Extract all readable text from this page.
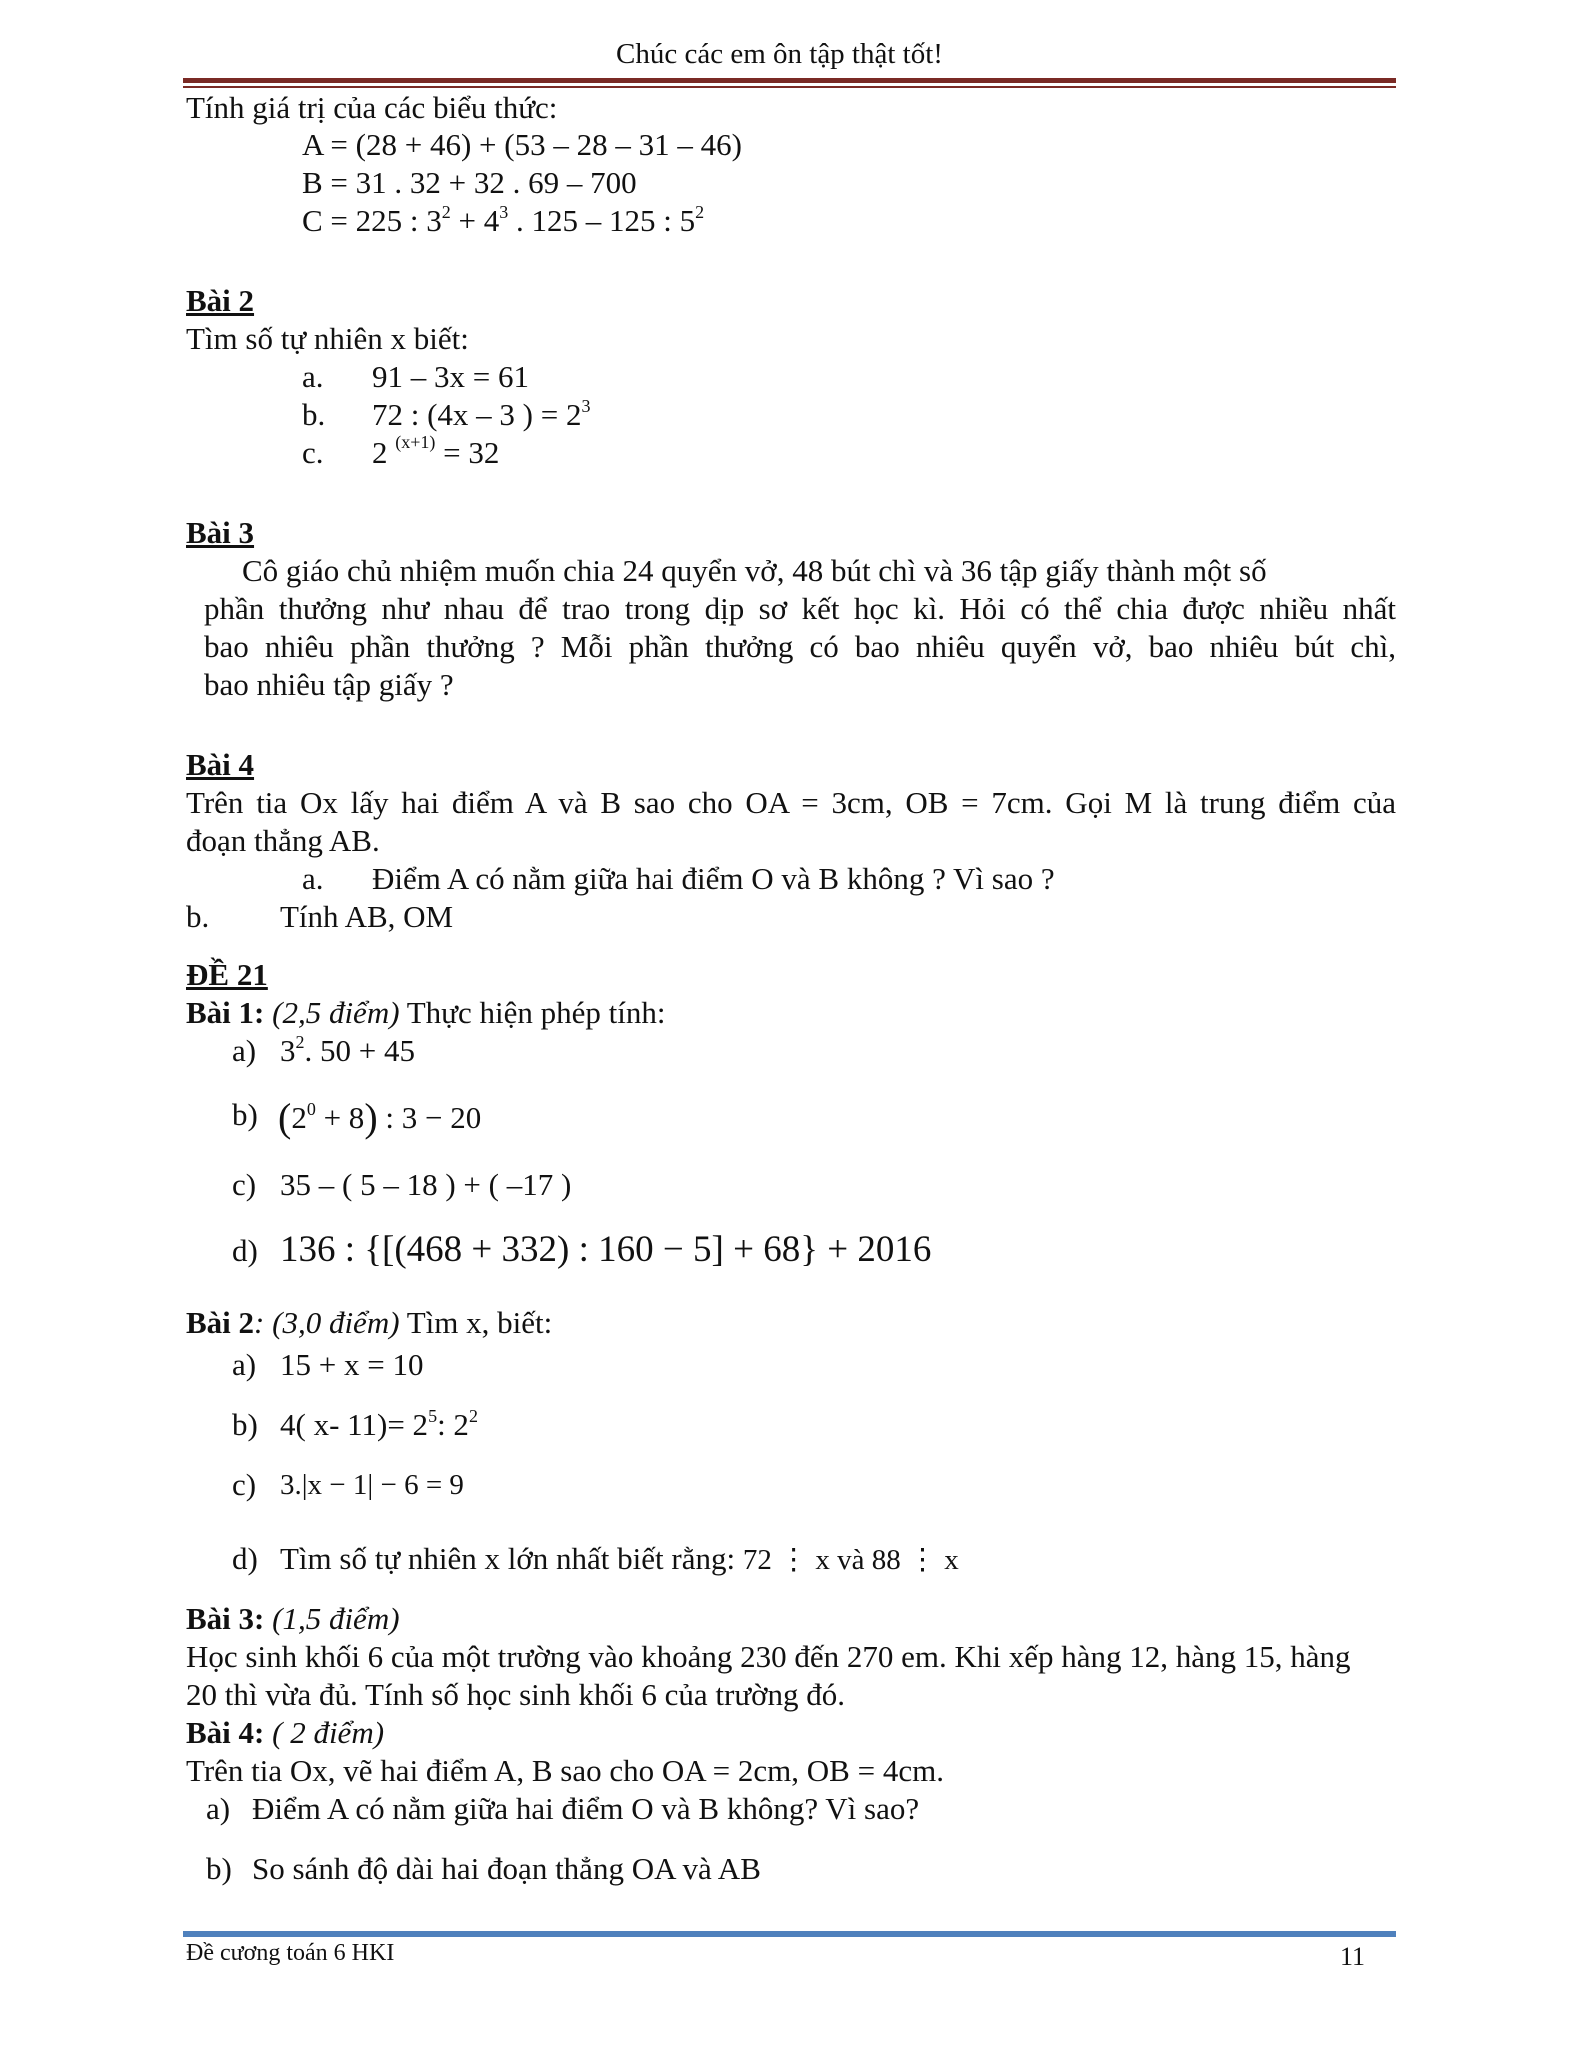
Chúc các em ôn tập thật tốt!
Tính giá trị của các biểu thức:
A = (28 + 46) + (53 – 28 – 31 – 46)
B = 31 . 32 + 32 . 69 – 700
C = 225 : $3^2 + 4^3$ . 125 – 125 : $5^2$
Bài 2
Tìm số tự nhiên x biết:
a. 91 – 3x = 61
b. 72 : (4x – 3 ) = $2^3$
c. 2 $^{(x+1)}$ = 32
Bài 3
Cô giáo chủ nhiệm muốn chia 24 quyển vở, 48 bút chì và 36 tập giấy thành một số
phần thưởng như nhau để trao trong dịp sơ kết học kì. Hỏi có thể chia được nhiều nhất
bao nhiêu phần thưởng ? Mỗi phần thưởng có bao nhiêu quyển vở, bao nhiêu bút chì,
bao nhiêu tập giấy ?
Bài 4
Trên tia Ox lấy hai điểm A và B sao cho OA = 3cm, OB = 7cm. Gọi M là trung điểm của
đoạn thẳng AB.
a. Điểm A có nằm giữa hai điểm O và B không ? Vì sao ?
b. Tính AB, OM
ĐỀ 21
Bài 1: (2,5 điểm) Thực hiện phép tính:
a) $3^2$. 50 + 45
b) $(2^0 + 8)$ : 3 − 20
c) 35 – ( 5 – 18 ) + ( –17 )
d) 136 : {[(468 + 332) : 160 − 5] + 68} + 2016
Bài 2: (3,0 điểm) Tìm x, biết:
a) 15 + x = 10
b) 4( x- $11)= 2^5$: $2^2$
c) 3.|x − 1| − 6 = 9
d) Tìm số tự nhiên x lớn nhất biết rằng: 72 ⋮ x và 88 ⋮ x
Bài 3: (1,5 điểm)
Học sinh khối 6 của một trường vào khoảng 230 đến 270 em. Khi xếp hàng 12, hàng 15, hàng
20 thì vừa đủ. Tính số học sinh khối 6 của trường đó.
Bài 4: ( 2 điểm)
Trên tia Ox, vẽ hai điểm A, B sao cho OA = 2cm, OB = 4cm.
a) Điểm A có nằm giữa hai điểm O và B không? Vì sao?
b) So sánh độ dài hai đoạn thẳng OA và AB
Đề cương toán 6 HKI	11
